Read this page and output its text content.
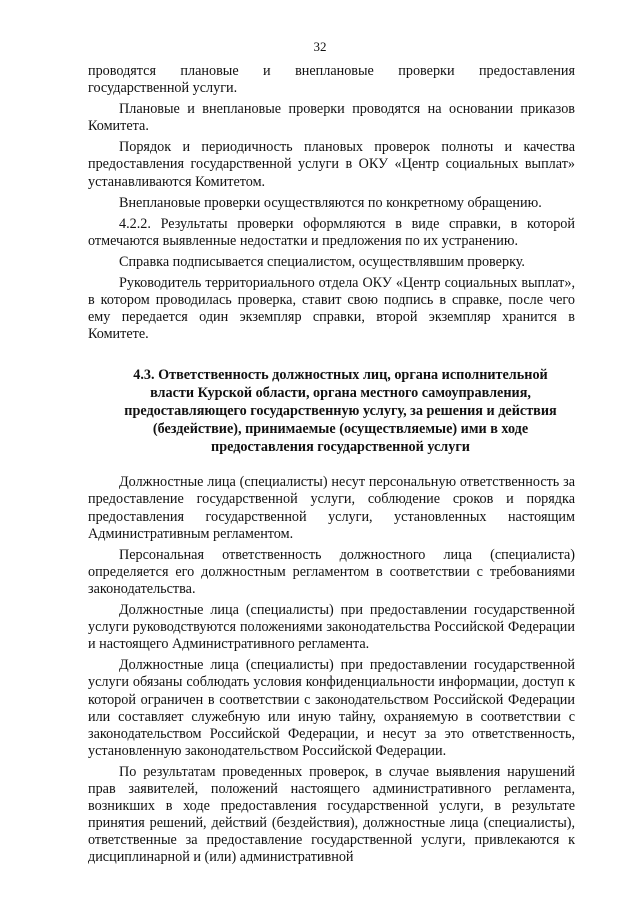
32

проводятся плановые и внеплановые проверки предоставления государственной услуги.

Плановые и внеплановые проверки проводятся на основании приказов Комитета.

Порядок и периодичность плановых проверок полноты и качества предоставления государственной услуги в ОКУ «Центр социальных выплат» устанавливаются Комитетом.

Внеплановые проверки осуществляются по конкретному обращению.

4.2.2. Результаты проверки оформляются в виде справки, в которой отмечаются выявленные недостатки и предложения по их устранению.

Справка подписывается специалистом, осуществлявшим проверку.

Руководитель территориального отдела ОКУ «Центр социальных выплат», в котором проводилась проверка, ставит свою подпись в справке, после чего ему передается один экземпляр справки, второй экземпляр хранится в Комитете.

4.3. Ответственность должностных лиц, органа исполнительной власти Курской области, органа местного самоуправления, предоставляющего государственную услугу, за решения и действия (бездействие), принимаемые (осуществляемые) ими в ходе предоставления государственной услуги

Должностные лица (специалисты) несут персональную ответственность за предоставление государственной услуги, соблюдение сроков и порядка предоставления государственной услуги, установленных настоящим Административным регламентом.

Персональная ответственность должностного лица (специалиста) определяется его должностным регламентом в соответствии с требованиями законодательства.

Должностные лица (специалисты) при предоставлении государственной услуги руководствуются положениями законодательства Российской Федерации и настоящего Административного регламента.

Должностные лица (специалисты) при предоставлении государственной услуги обязаны соблюдать условия конфиденциальности информации, доступ к которой ограничен в соответствии с законодательством Российской Федерации или составляет служебную или иную тайну, охраняемую в соответствии с законодательством Российской Федерации, и несут за это ответственность, установленную законодательством Российской Федерации.

По результатам проведенных проверок, в случае выявления нарушений прав заявителей, положений настоящего административного регламента, возникших в ходе предоставления государственной услуги, в результате принятия решений, действий (бездействия), должностные лица (специалисты), ответственные за предоставление государственной услуги, привлекаются к дисциплинарной и (или) административной
